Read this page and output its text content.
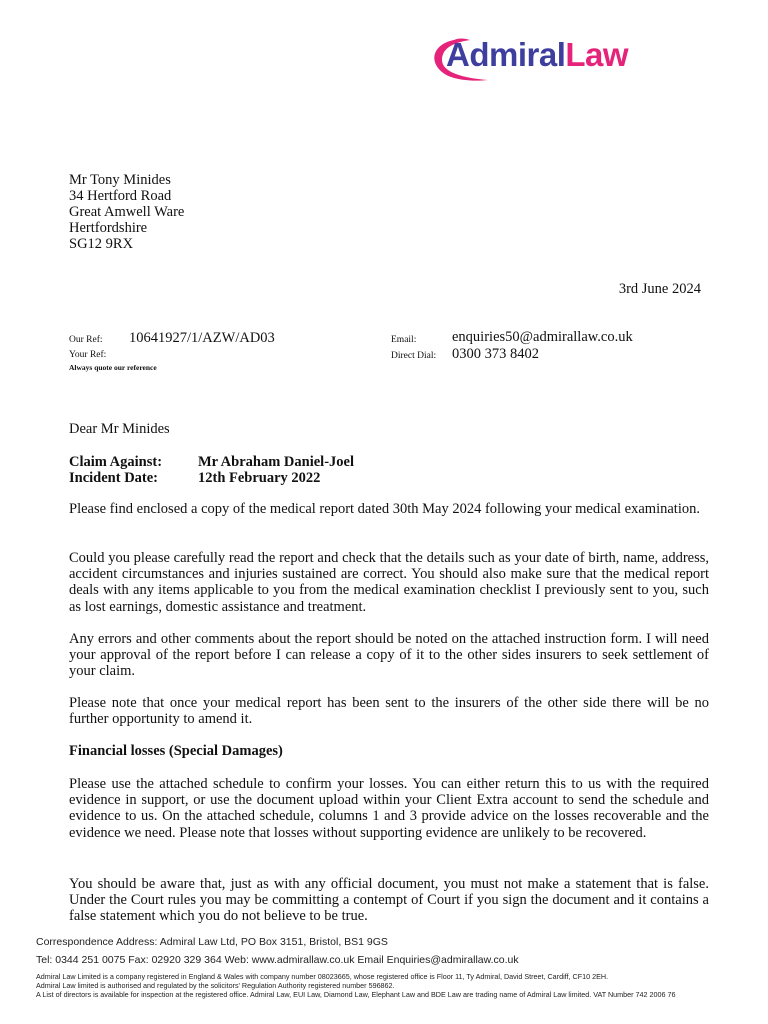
AdmiralLaw
Mr Tony Minides
34 Hertford Road
Great Amwell Ware
Hertfordshire
SG12 9RX
3rd June 2024
Our Ref: 10641927/1/AZW/AD03
Your Ref:
Always quote our reference
Email: enquiries50@admirallaw.co.uk
Direct Dial: 0300 373 8402
Dear Mr Minides
Claim Against:	Mr Abraham Daniel-Joel
Incident Date:	12th February 2022
Please find enclosed a copy of the medical report dated 30th May 2024 following your medical examination.
Could you please carefully read the report and check that the details such as your date of birth, name, address, accident circumstances and injuries sustained are correct. You should also make sure that the medical report deals with any items applicable to you from the medical examination checklist I previously sent to you, such as lost earnings, domestic assistance and treatment.
Any errors and other comments about the report should be noted on the attached instruction form. I will need your approval of the report before I can release a copy of it to the other sides insurers to seek settlement of your claim.
Please note that once your medical report has been sent to the insurers of the other side there will be no further opportunity to amend it.
Financial losses (Special Damages)
Please use the attached schedule to confirm your losses. You can either return this to us with the required evidence in support, or use the document upload within your Client Extra account to send the schedule and evidence to us. On the attached schedule, columns 1 and 3 provide advice on the losses recoverable and the evidence we need. Please note that losses without supporting evidence are unlikely to be recovered.
You should be aware that, just as with any official document, you must not make a statement that is false. Under the Court rules you may be committing a contempt of Court if you sign the document and it contains a false statement which you do not believe to be true.
Correspondence Address: Admiral Law Ltd, PO Box 3151, Bristol, BS1 9GS
Tel: 0344 251 0075 Fax: 02920 329 364 Web: www.admirallaw.co.uk Email Enquiries@admirallaw.co.uk
Admiral Law Limited is a company registered in England & Wales with company number 08023665, whose registered office is Floor 11, Ty Admiral, David Street, Cardiff, CF10 2EH.
Admiral Law limited is authorised and regulated by the solicitors' Regulation Authority registered number 596862.
A List of directors is available for inspection at the registered office. Admiral Law, EUI Law, Diamond Law, Elephant Law and BDE Law are trading name of Admiral Law limited. VAT Number 742 2006 76
